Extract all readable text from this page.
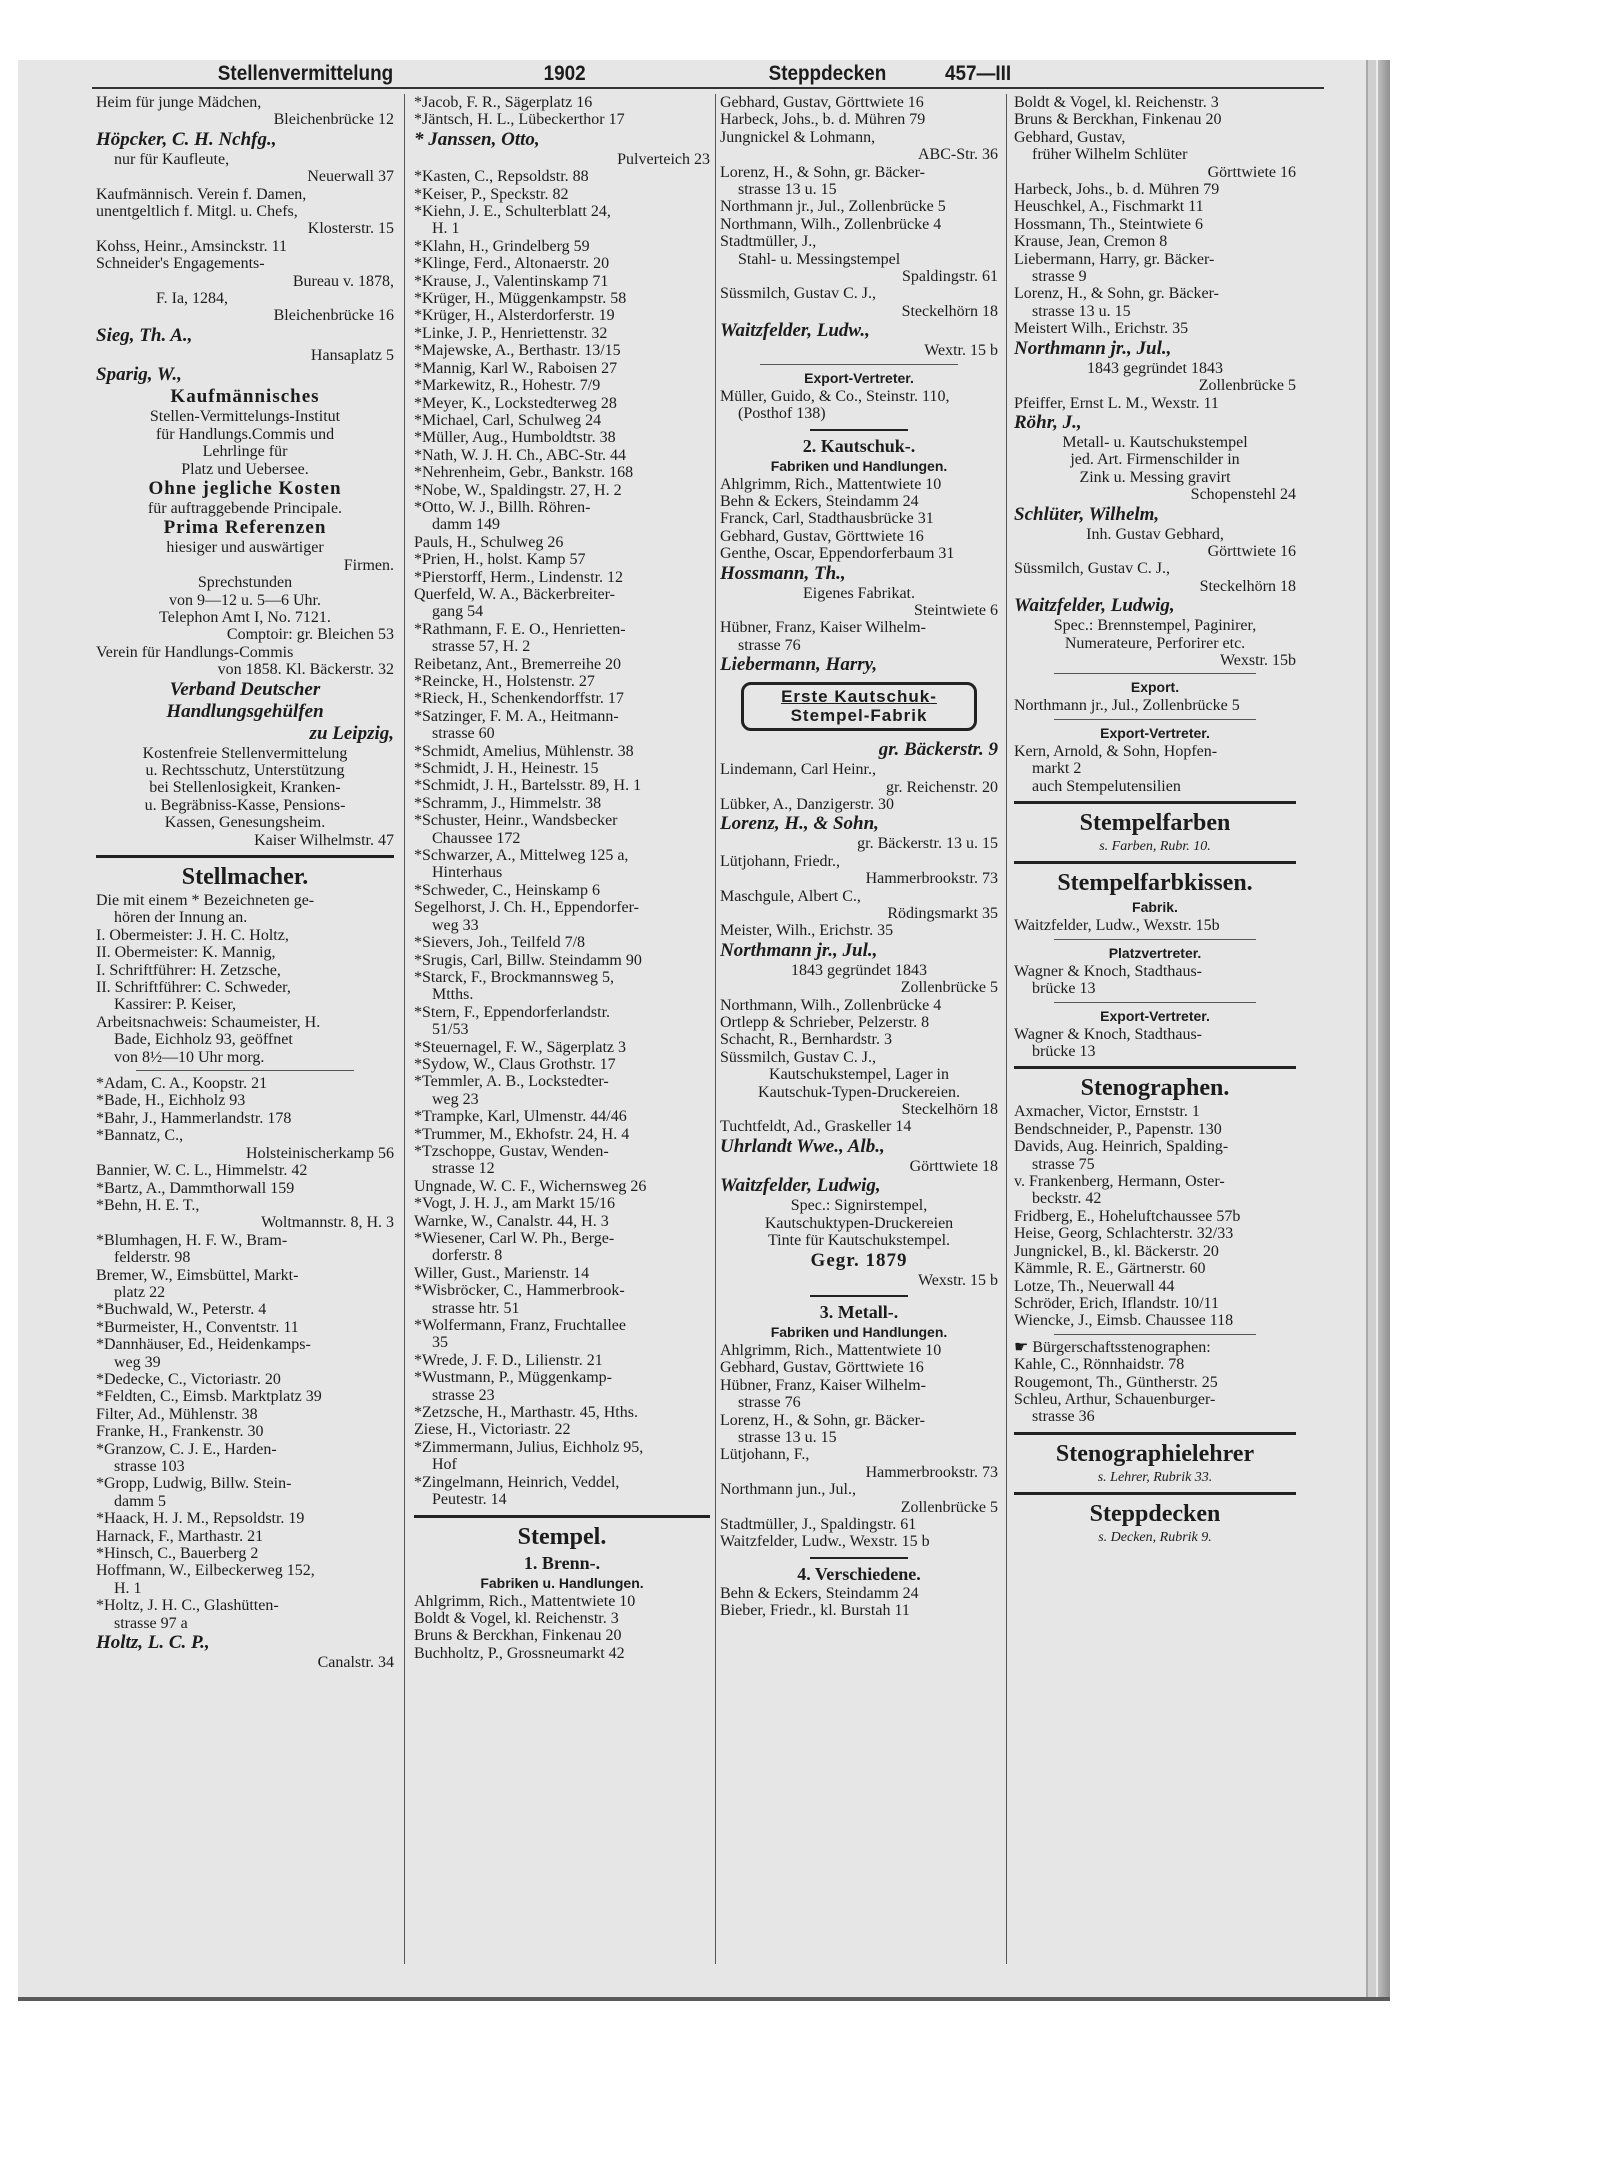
Stellenvermittelung	1902	Steppdecken	457—III
Heim für junge Mädchen,
Bleichenbrücke 12
Höpcker, C. H. Nchfg.,
nur für Kaufleute,
Neuerwall 37
Kaufmännisch. Verein f. Damen,
unentgeltlich f. Mitgl. u. Chefs,
Klosterstr. 15
Kohss, Heinr., Amsinckstr. 11
Schneider's Engagements-
Bureau v. 1878,
F. Ia, 1284,
Bleichenbrücke 16
Sieg, Th. A.,
Hansaplatz 5
Sparig, W.,
Kaufmännisches
Stellen-Vermittelungs-Institut
für Handlungs.Commis und
Lehrlinge für
Platz und Uebersee.
Ohne jegliche Kosten
für auftraggebende Principale.
Prima Referenzen
hiesiger und auswärtiger
Firmen.
Sprechstunden
von 9—12 u. 5—6 Uhr.
Telephon Amt I, No. 7121.
Comptoir: gr. Bleichen 53
Verein für Handlungs-Commis
von 1858. Kl. Bäckerstr. 32
Verband Deutscher
Handlungsgehülfen
zu Leipzig,
Kostenfreie Stellenvermittelung
u. Rechtsschutz, Unterstützung
bei Stellenlosigkeit, Kranken-
u. Begräbniss-Kasse, Pensions-
Kassen, Genesungsheim.
Kaiser Wilhelmstr. 47
Stellmacher.
Die mit einem * Bezeichneten ge-
hören der Innung an.
I. Obermeister: J. H. C. Holtz,
II. Obermeister: K. Mannig,
I. Schriftführer: H. Zetzsche,
II. Schriftführer: C. Schweder,
Kassirer: P. Keiser,
Arbeitsnachweis: Schaumeister, H.
Bade, Eichholz 93, geöffnet
von 8½—10 Uhr morg.
*Adam, C. A., Koopstr. 21
*Bade, H., Eichholz 93
*Bahr, J., Hammerlandstr. 178
*Bannatz, C.,
Holsteinischerkamp 56
Bannier, W. C. L., Himmelstr. 42
*Bartz, A., Dammthorwall 159
*Behn, H. E. T.,
Woltmannstr. 8, H. 3
*Blumhagen, H. F. W., Bram-
felderstr. 98
Bremer, W., Eimsbüttel, Markt-
platz 22
*Buchwald, W., Peterstr. 4
*Burmeister, H., Conventstr. 11
*Dannhäuser, Ed., Heidenkamps-
weg 39
*Dedecke, C., Victoriastr. 20
*Feldten, C., Eimsb. Marktplatz 39
Filter, Ad., Mühlenstr. 38
Franke, H., Frankenstr. 30
*Granzow, C. J. E., Harden-
strasse 103
*Gropp, Ludwig, Billw. Stein-
damm 5
*Haack, H. J. M., Repsoldstr. 19
Harnack, F., Marthastr. 21
*Hinsch, C., Bauerberg 2
Hoffmann, W., Eilbeckerweg 152,
H. 1
*Holtz, J. H. C., Glashütten-
strasse 97 a
Holtz, L. C. P.,
Canalstr. 34
*Jacob, F. R., Sägerplatz 16
*Jäntsch, H. L., Lübeckerthor 17
* Janssen, Otto,
Pulverteich 23
*Kasten, C., Repsoldstr. 88
*Keiser, P., Speckstr. 82
*Kiehn, J. E., Schulterblatt 24,
H. 1
*Klahn, H., Grindelberg 59
*Klinge, Ferd., Altonaerstr. 20
*Krause, J., Valentinskamp 71
*Krüger, H., Müggenkampstr. 58
*Krüger, H., Alsterdorferstr. 19
*Linke, J. P., Henriettenstr. 32
*Majewske, A., Berthastr. 13/15
*Mannig, Karl W., Raboisen 27
*Markewitz, R., Hohestr. 7/9
*Meyer, K., Lockstedterweg 28
*Michael, Carl, Schulweg 24
*Müller, Aug., Humboldtstr. 38
*Nath, W. J. H. Ch., ABC-Str. 44
*Nehrenheim, Gebr., Bankstr. 168
*Nobe, W., Spaldingstr. 27, H. 2
*Otto, W. J., Billh. Röhren-
damm 149
Pauls, H., Schulweg 26
*Prien, H., holst. Kamp 57
*Pierstorff, Herm., Lindenstr. 12
Querfeld, W. A., Bäckerbreiter-
gang 54
*Rathmann, F. E. O., Henrietten-
strasse 57, H. 2
Reibetanz, Ant., Bremerreihe 20
*Reincke, H., Holstenstr. 27
*Rieck, H., Schenkendorffstr. 17
*Satzinger, F. M. A., Heitmann-
strasse 60
*Schmidt, Amelius, Mühlenstr. 38
*Schmidt, J. H., Heinestr. 15
*Schmidt, J. H., Bartelsstr. 89, H. 1
*Schramm, J., Himmelstr. 38
*Schuster, Heinr., Wandsbecker
Chaussee 172
*Schwarzer, A., Mittelweg 125 a,
Hinterhaus
*Schweder, C., Heinskamp 6
Segelhorst, J. Ch. H., Eppendorfer-
weg 33
*Sievers, Joh., Teilfeld 7/8
*Srugis, Carl, Billw. Steindamm 90
*Starck, F., Brockmannsweg 5,
Mtths.
*Stern, F., Eppendorferlandstr.
51/53
*Steuernagel, F. W., Sägerplatz 3
*Sydow, W., Claus Grothstr. 17
*Temmler, A. B., Lockstedter-
weg 23
*Trampke, Karl, Ulmenstr. 44/46
*Trummer, M., Ekhofstr. 24, H. 4
*Tzschoppe, Gustav, Wenden-
strasse 12
Ungnade, W. C. F., Wichernsweg 26
*Vogt, J. H. J., am Markt 15/16
Warnke, W., Canalstr. 44, H. 3
*Wiesener, Carl W. Ph., Berge-
dorferstr. 8
Willer, Gust., Marienstr. 14
*Wisbröcker, C., Hammerbrook-
strasse htr. 51
*Wolfermann, Franz, Fruchtallee
35
*Wrede, J. F. D., Lilienstr. 21
*Wustmann, P., Müggenkamp-
strasse 23
*Zetzsche, H., Marthastr. 45, Hths.
Ziese, H., Victoriastr. 22
*Zimmermann, Julius, Eichholz 95,
Hof
*Zingelmann, Heinrich, Veddel,
Peutestr. 14
Stempel.
1. Brenn-.
Fabriken u. Handlungen.
Ahlgrimm, Rich., Mattentwiete 10
Boldt & Vogel, kl. Reichenstr. 3
Bruns & Berckhan, Finkenau 20
Buchholtz, P., Grossneumarkt 42
Gebhard, Gustav, Görttwiete 16
Harbeck, Johs., b. d. Mühren 79
Jungnickel & Lohmann,
ABC-Str. 36
Lorenz, H., & Sohn, gr. Bäcker-
strasse 13 u. 15
Northmann jr., Jul., Zollenbrücke 5
Northmann, Wilh., Zollenbrücke 4
Stadtmüller, J.,
Stahl- u. Messingstempel
Spaldingstr. 61
Süssmilch, Gustav C. J.,
Steckelhörn 18
Waitzfelder, Ludw.,
Wextr. 15 b
Export-Vertreter.
Müller, Guido, & Co., Steinstr. 110,
(Posthof 138)
2. Kautschuk-.
Fabriken und Handlungen.
Ahlgrimm, Rich., Mattentwiete 10
Behn & Eckers, Steindamm 24
Franck, Carl, Stadthausbrücke 31
Gebhard, Gustav, Görttwiete 16
Genthe, Oscar, Eppendorferbaum 31
Hossmann, Th.,
Eigenes Fabrikat.
Steintwiete 6
Hübner, Franz, Kaiser Wilhelm-
strasse 76
Liebermann, Harry,
Erste Kautschuk-
Stempel-Fabrik
gr. Bäckerstr. 9
Lindemann, Carl Heinr.,
gr. Reichenstr. 20
Lübker, A., Danzigerstr. 30
Lorenz, H., & Sohn,
gr. Bäckerstr. 13 u. 15
Lütjohann, Friedr.,
Hammerbrookstr. 73
Maschgule, Albert C.,
Rödingsmarkt 35
Meister, Wilh., Erichstr. 35
Northmann jr., Jul.,
1843 gegründet 1843
Zollenbrücke 5
Northmann, Wilh., Zollenbrücke 4
Ortlepp & Schrieber, Pelzerstr. 8
Schacht, R., Bernhardstr. 3
Süssmilch, Gustav C. J.,
Kautschukstempel, Lager in
Kautschuk-Typen-Druckereien.
Steckelhörn 18
Tuchtfeldt, Ad., Graskeller 14
Uhrlandt Wwe., Alb.,
Görttwiete 18
Waitzfelder, Ludwig,
Spec.: Signirstempel,
Kautschuktypen-Druckereien
Tinte für Kautschukstempel.
Gegr. 1879
Wexstr. 15 b
3. Metall-.
Fabriken und Handlungen.
Ahlgrimm, Rich., Mattentwiete 10
Gebhard, Gustav, Görttwiete 16
Hübner, Franz, Kaiser Wilhelm-
strasse 76
Lorenz, H., & Sohn, gr. Bäcker-
strasse 13 u. 15
Lütjohann, F.,
Hammerbrookstr. 73
Northmann jun., Jul.,
Zollenbrücke 5
Stadtmüller, J., Spaldingstr. 61
Waitzfelder, Ludw., Wexstr. 15 b
4. Verschiedene.
Behn & Eckers, Steindamm 24
Bieber, Friedr., kl. Burstah 11
Boldt & Vogel, kl. Reichenstr. 3
Bruns & Berckhan, Finkenau 20
Gebhard, Gustav,
früher Wilhelm Schlüter
Görttwiete 16
Harbeck, Johs., b. d. Mühren 79
Heuschkel, A., Fischmarkt 11
Hossmann, Th., Steintwiete 6
Krause, Jean, Cremon 8
Liebermann, Harry, gr. Bäcker-
strasse 9
Lorenz, H., & Sohn, gr. Bäcker-
strasse 13 u. 15
Meistert Wilh., Erichstr. 35
Northmann jr., Jul.,
1843 gegründet 1843
Zollenbrücke 5
Pfeiffer, Ernst L. M., Wexstr. 11
Röhr, J.,
Metall- u. Kautschukstempel
jed. Art. Firmenschilder in
Zink u. Messing gravirt
Schopenstehl 24
Schlüter, Wilhelm,
Inh. Gustav Gebhard,
Görttwiete 16
Süssmilch, Gustav C. J.,
Steckelhörn 18
Waitzfelder, Ludwig,
Spec.: Brennstempel, Paginirer,
Numerateure, Perforirer etc.
Wexstr. 15b
Export.
Northmann jr., Jul., Zollenbrücke 5
Export-Vertreter.
Kern, Arnold, & Sohn, Hopfen-
markt 2
auch Stempelutensilien
Stempelfarben
s. Farben, Rubr. 10.
Stempelfarbkissen.
Fabrik.
Waitzfelder, Ludw., Wexstr. 15b
Platzvertreter.
Wagner & Knoch, Stadthaus-
brücke 13
Export-Vertreter.
Wagner & Knoch, Stadthaus-
brücke 13
Stenographen.
Axmacher, Victor, Ernststr. 1
Bendschneider, P., Papenstr. 130
Davids, Aug. Heinrich, Spalding-
strasse 75
v. Frankenberg, Hermann, Oster-
beckstr. 42
Fridberg, E., Hoheluftchaussee 57b
Heise, Georg, Schlachterstr. 32/33
Jungnickel, B., kl. Bäckerstr. 20
Kämmle, R. E., Gärtnerstr. 60
Lotze, Th., Neuerwall 44
Schröder, Erich, Iflandstr. 10/11
Wiencke, J., Eimsb. Chaussee 118
☛ Bürgerschaftsstenographen:
Kahle, C., Rönnhaidstr. 78
Rougemont, Th., Güntherstr. 25
Schleu, Arthur, Schauenburger-
strasse 36
Stenographielehrer
s. Lehrer, Rubrik 33.
Steppdecken
s. Decken, Rubrik 9.
